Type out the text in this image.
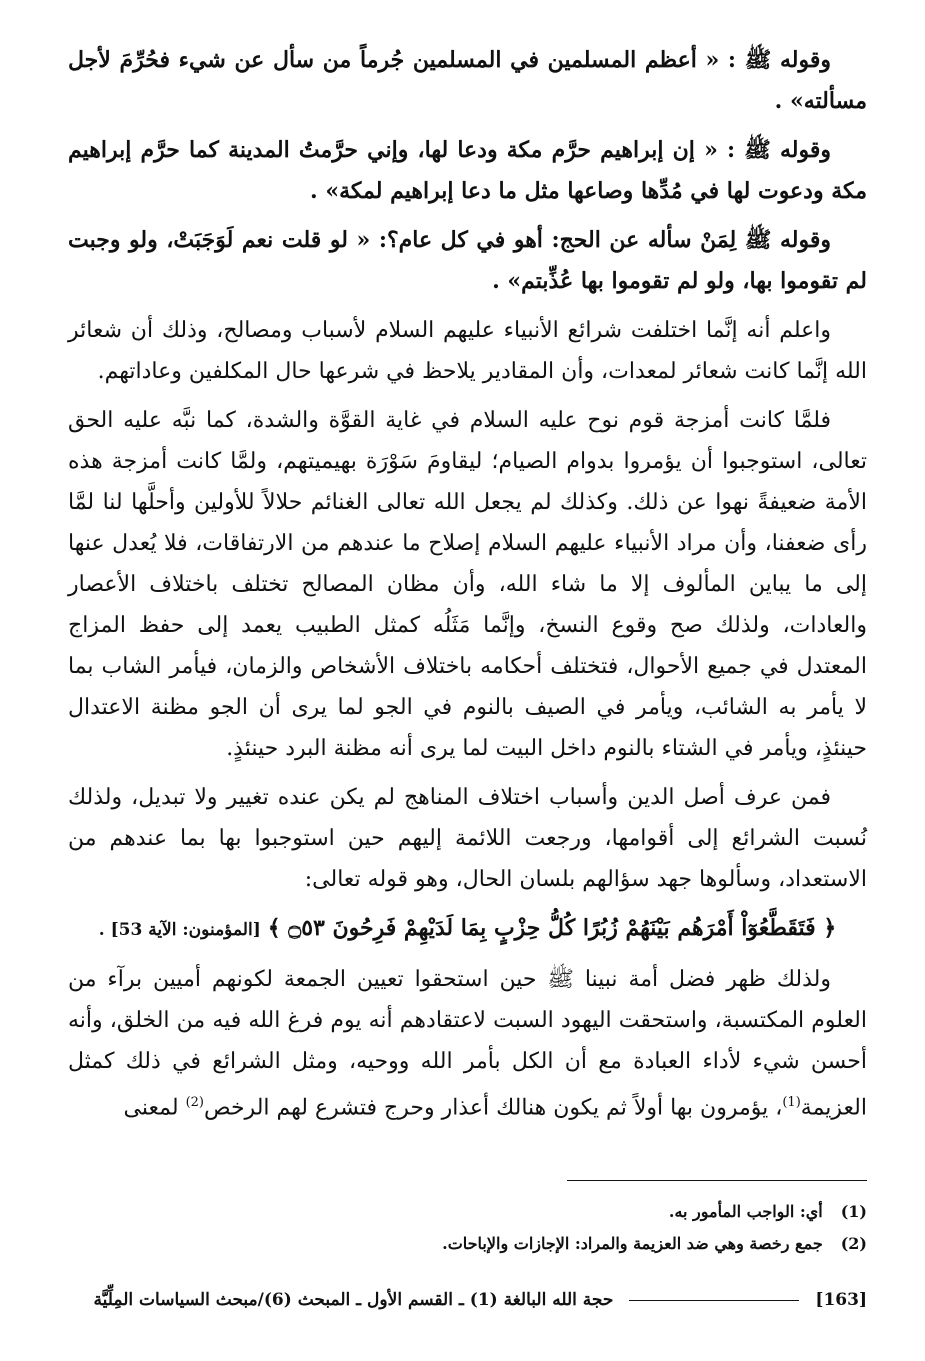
وقوله ﷺ : « أعظم المسلمين في المسلمين جُرماً من سأل عن شيء فحُرِّمَ لأجل مسألته» .

وقوله ﷺ : « إن إبراهيم حرَّم مكة ودعا لها، وإني حرَّمتُ المدينة كما حرَّم إبراهيم مكة ودعوت لها في مُدِّها وصاعها مثل ما دعا إبراهيم لمكة» .

وقوله ﷺ لِمَنْ سأله عن الحج: أهو في كل عام؟: « لو قلت نعم لَوَجَبَتْ، ولو وجبت لم تقوموا بها، ولو لم تقوموا بها عُذِّبتم» .

واعلم أنه إنَّما اختلفت شرائع الأنبياء عليهم السلام لأسباب ومصالح، وذلك أن شعائر الله إنَّما كانت شعائر لمعدات، وأن المقادير يلاحظ في شرعها حال المكلفين وعاداتهم.

فلمَّا كانت أمزجة قوم نوح عليه السلام في غاية القوَّة والشدة، كما نبَّه عليه الحق تعالى، استوجبوا أن يؤمروا بدوام الصيام؛ ليقاومَ سَوْرَة بهيميتهم، ولمَّا كانت أمزجة هذه الأمة ضعيفةً نهوا عن ذلك. وكذلك لم يجعل الله تعالى الغنائم حلالاً للأولين وأحلَّها لنا لمَّا رأى ضعفنا، وأن مراد الأنبياء عليهم السلام إصلاح ما عندهم من الارتفاقات، فلا يُعدل عنها إلى ما يباين المألوف إلا ما شاء الله، وأن مظان المصالح تختلف باختلاف الأعصار والعادات، ولذلك صح وقوع النسخ، وإنَّما مَثَلُه كمثل الطبيب يعمد إلى حفظ المزاج المعتدل في جميع الأحوال، فتختلف أحكامه باختلاف الأشخاص والزمان، فيأمر الشاب بما لا يأمر به الشائب، ويأمر في الصيف بالنوم في الجو لما يرى أن الجو مظنة الاعتدال حينئذٍ، ويأمر في الشتاء بالنوم داخل البيت لما يرى أنه مظنة البرد حينئذٍ.

فمن عرف أصل الدين وأسباب اختلاف المناهج لم يكن عنده تغيير ولا تبديل، ولذلك نُسبت الشرائع إلى أقوامها، ورجعت اللائمة إليهم حين استوجبوا بها بما عندهم من الاستعداد، وسألوها جهد سؤالهم بلسان الحال، وهو قوله تعالى:

﴿ فَتَقَطَّعُوٓاْ أَمْرَهُم بَيْنَهُمْ زُبُرًا كُلُّ حِزْبٍ بِمَا لَدَيْهِمْ فَرِحُونَ ۝٥٣ ﴾ [المؤمنون: الآية 53] .

ولذلك ظهر فضل أمة نبينا ﷺ حين استحقوا تعيين الجمعة لكونهم أميين برآء من العلوم المكتسبة، واستحقت اليهود السبت لاعتقادهم أنه يوم فرغ الله فيه من الخلق، وأنه أحسن شيء لأداء العبادة مع أن الكل بأمر الله ووحيه، ومثل الشرائع في ذلك كمثل العزيمة$^{(1)}$، يؤمرون بها أولاً ثم يكون هنالك أعذار وحرج فتشرع لهم الرخص$^{(2)}$ لمعنى

(1)
أي: الواجب المأمور به.
(2)
جمع رخصة وهي ضد العزيمة والمراد: الإجازات والإباحات.
[163]
حجة الله البالغة (1) ـ القسم الأول ـ المبحث (6)/مبحث السياسات المِلِّيَّة
